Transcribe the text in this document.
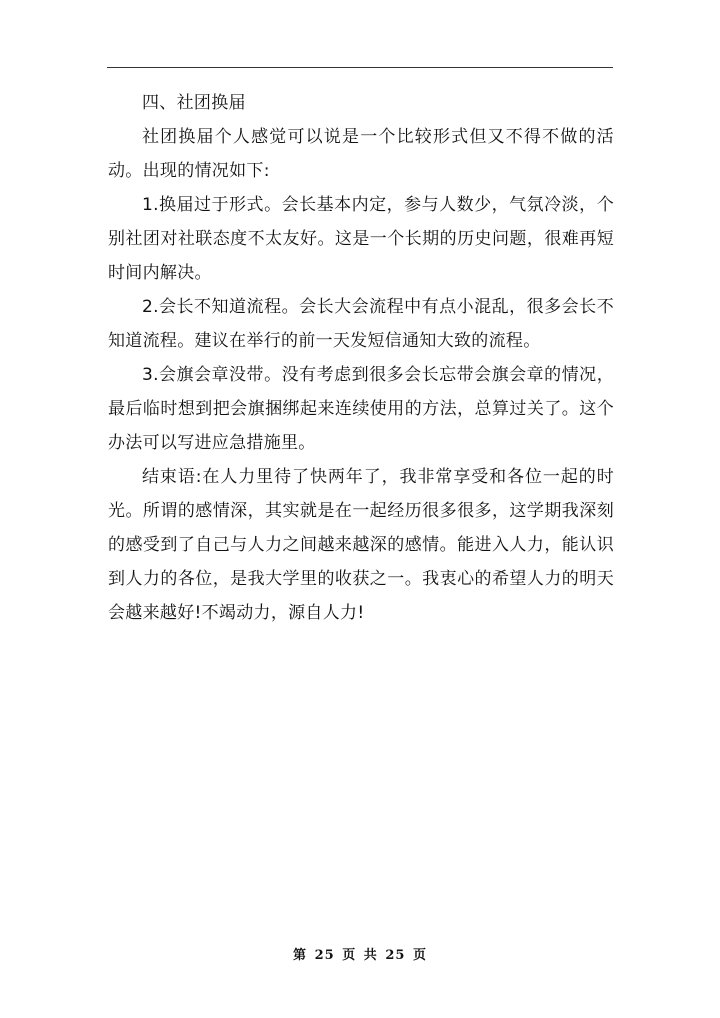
四、社团换届

社团换届个人感觉可以说是一个比较形式但又不得不做的活动。出现的情况如下:

1.换届过于形式。会长基本内定，参与人数少，气氛冷淡，个别社团对社联态度不太友好。这是一个长期的历史问题，很难再短时间内解决。

2.会长不知道流程。会长大会流程中有点小混乱，很多会长不知道流程。建议在举行的前一天发短信通知大致的流程。

3.会旗会章没带。没有考虑到很多会长忘带会旗会章的情况，最后临时想到把会旗捆绑起来连续使用的方法，总算过关了。这个办法可以写进应急措施里。

结束语:在人力里待了快两年了，我非常享受和各位一起的时光。所谓的感情深，其实就是在一起经历很多很多，这学期我深刻的感受到了自己与人力之间越来越深的感情。能进入人力，能认识到人力的各位，是我大学里的收获之一。我衷心的希望人力的明天会越来越好!不竭动力，源自人力!

第 25 页 共 25 页
